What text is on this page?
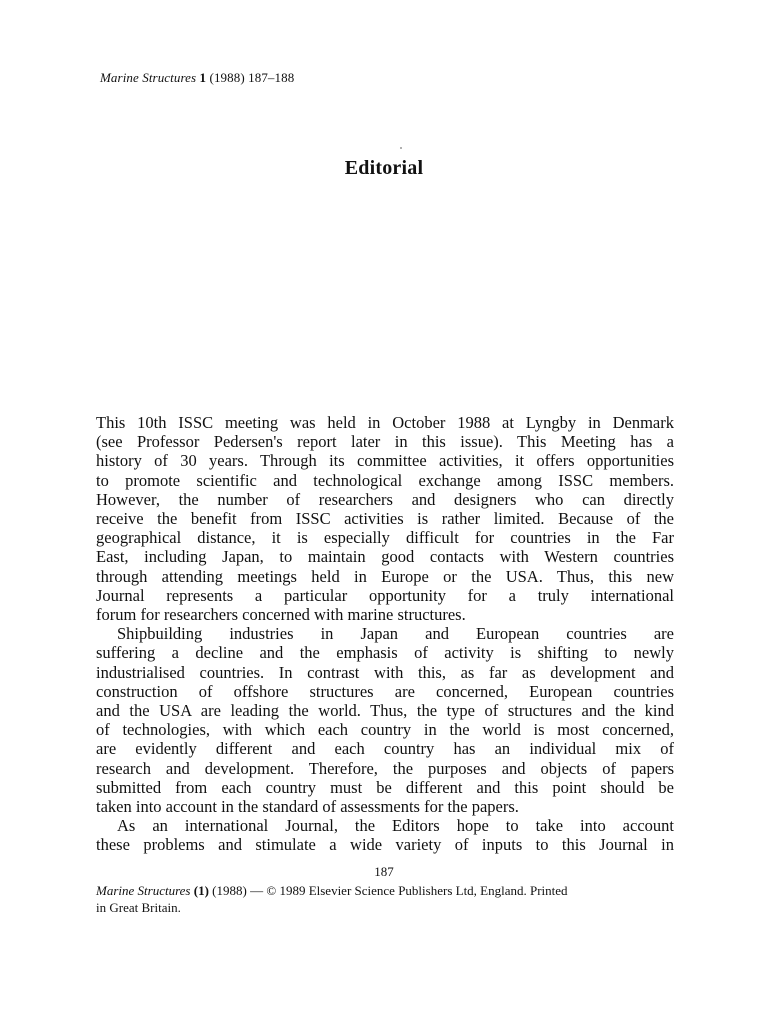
Marine Structures 1 (1988) 187–188
Editorial
This 10th ISSC meeting was held in October 1988 at Lyngby in Denmark
(see Professor Pedersen's report later in this issue). This Meeting has a
history of 30 years. Through its committee activities, it offers opportunities
to promote scientific and technological exchange among ISSC members.
However, the number of researchers and designers who can directly
receive the benefit from ISSC activities is rather limited. Because of the
geographical distance, it is especially difficult for countries in the Far
East, including Japan, to maintain good contacts with Western countries
through attending meetings held in Europe or the USA. Thus, this new
Journal represents a particular opportunity for a truly international
forum for researchers concerned with marine structures.
Shipbuilding industries in Japan and European countries are
suffering a decline and the emphasis of activity is shifting to newly
industrialised countries. In contrast with this, as far as development and
construction of offshore structures are concerned, European countries
and the USA are leading the world. Thus, the type of structures and the kind
of technologies, with which each country in the world is most concerned,
are evidently different and each country has an individual mix of
research and development. Therefore, the purposes and objects of papers
submitted from each country must be different and this point should be
taken into account in the standard of assessments for the papers.
As an international Journal, the Editors hope to take into account
these problems and stimulate a wide variety of inputs to this Journal in
187
Marine Structures (1) (1988) — © 1989 Elsevier Science Publishers Ltd, England. Printed
in Great Britain.
